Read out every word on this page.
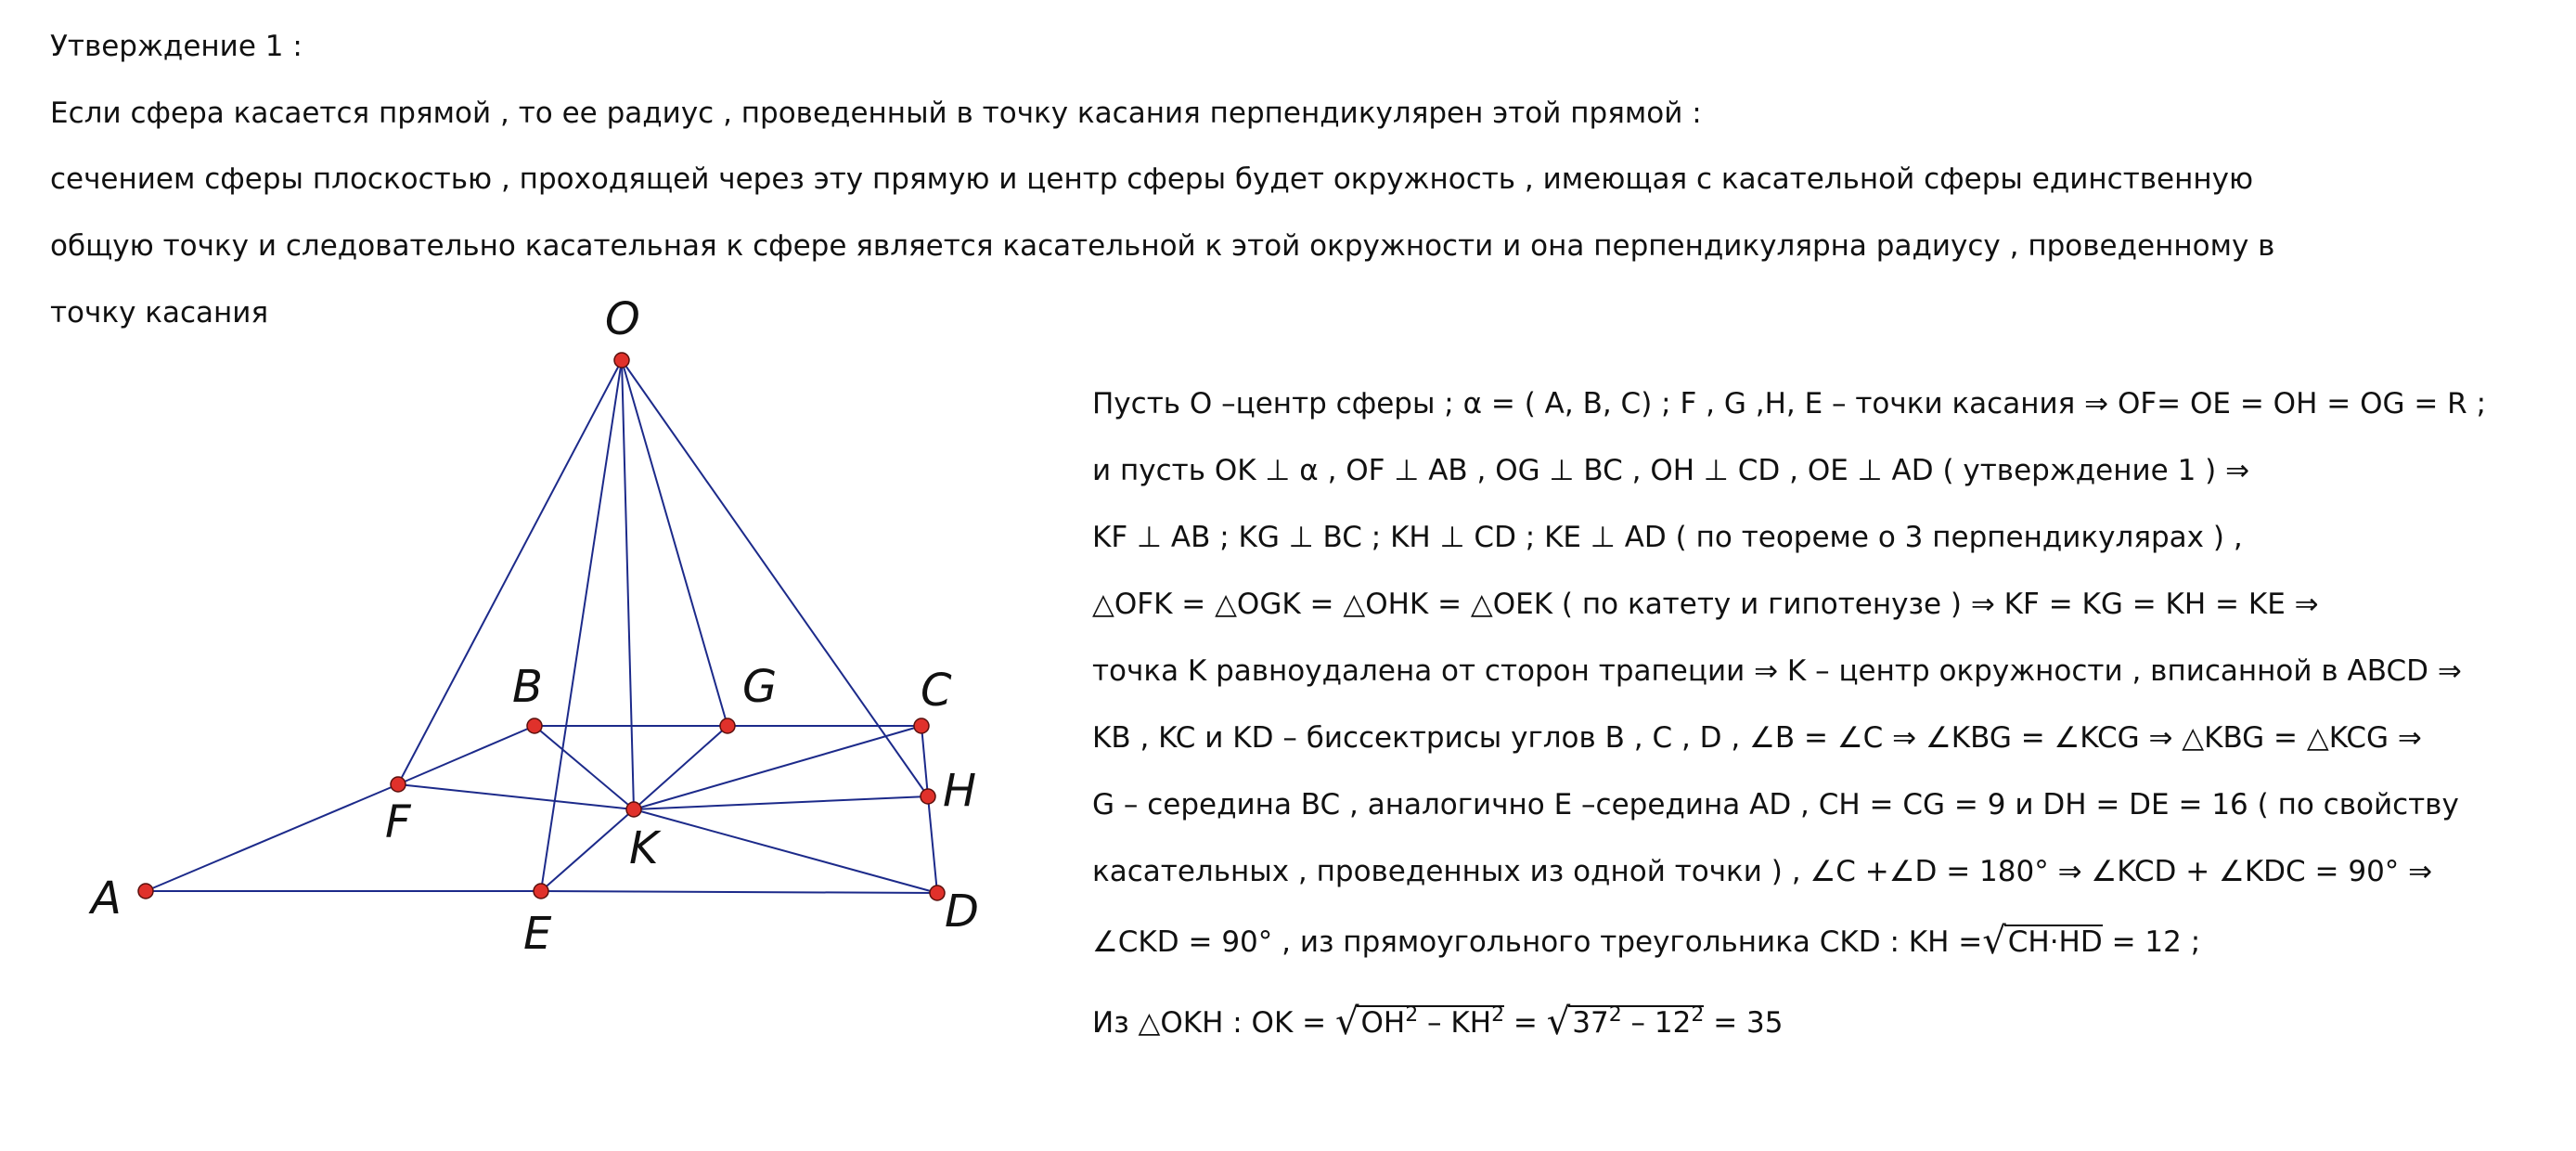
Утверждение 1 :
Если сфера касается прямой , то ее радиус , проведенный в точку касания перпендикулярен этой прямой :
сечением сферы плоскостью , проходящей через эту прямую и центр сферы будет окружность , имеющая с касательной сферы единственную
общую точку и следовательно касательная к сфере является касательной к этой окружности и она перпендикулярна радиусу , проведенному в
точку касания	O
B	G	C
H
F	K
A
E	D
Пусть O –центр сферы ; α = ( A, B, C) ; F , G ,H, E – точки касания ⇒ OF= OE = OH = OG = R ;
и пусть OK ⊥ α , OF ⊥ AB , OG ⊥ BC , OH ⊥ CD , OE ⊥ AD ( утверждение 1 ) ⇒
KF ⊥ AB ; KG ⊥ BC ; KH ⊥ CD ; KE ⊥ AD ( по теореме о 3 перпендикулярах ) ,
△OFK = △OGK = △OHK = △OEK ( по катету и гипотенузе ) ⇒ KF = KG = KH = KE ⇒
точка K равноудалена от сторон трапеции ⇒ K – центр окружности , вписанной в ABCD ⇒
KB , KC и KD – биссектрисы углов B , C , D , ∠B = ∠C ⇒ ∠KBG = ∠KCG ⇒ △KBG = △KCG ⇒
G – середина BC , аналогично E –середина AD , CH = CG = 9 и DH = DE = 16 ( по свойству
касательных , проведенных из одной точки ) , ∠C +∠D = 180° ⇒ ∠KCD + ∠KDC = 90° ⇒
∠CKD = 90° , из прямоугольного треугольника CKD : KH =√CH·HD = 12 ;
Из △OKH : OK = $√OH^2 - KH^2 = √37^2 - 12^2 = 35$
